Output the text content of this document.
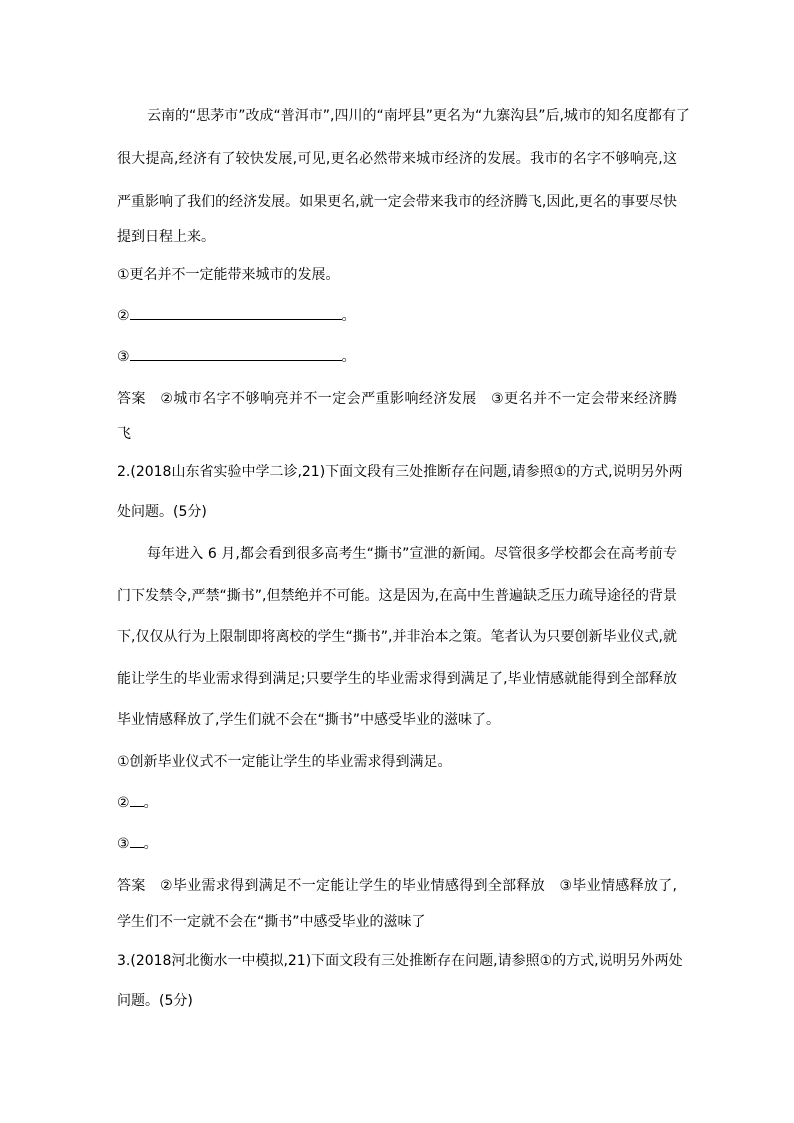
云南的“思茅市”改成“普洱市”,四川的“南坪县”更名为“九寨沟县”后,城市的知名度都有了
很大提高,经济有了较快发展,可见,更名必然带来城市经济的发展。我市的名字不够响亮,这
严重影响了我们的经济发展。如果更名,就一定会带来我市的经济腾飞,因此,更名的事要尽快
提到日程上来。
①更名并不一定能带来城市的发展。
②	。
③	。
答案 ②城市名字不够响亮并不一定会严重影响经济发展　③更名并不一定会带来经济腾
飞
2.(2018山东省实验中学二诊,21)下面文段有三处推断存在问题,请参照①的方式,说明另外两
处问题。(5分)
每年进入 6 月,都会看到很多高考生“撕书”宣泄的新闻。尽管很多学校都会在高考前专
门下发禁令,严禁“撕书”,但禁绝并不可能。这是因为,在高中生普遍缺乏压力疏导途径的背景
下,仅仅从行为上限制即将离校的学生“撕书”,并非治本之策。笔者认为只要创新毕业仪式,就
能让学生的毕业需求得到满足;只要学生的毕业需求得到满足了,毕业情感就能得到全部释放
毕业情感释放了,学生们就不会在“撕书”中感受毕业的滋味了。
①创新毕业仪式不一定能让学生的毕业需求得到满足。
② 。
③ 。
答案 ②毕业需求得到满足不一定能让学生的毕业情感得到全部释放　③毕业情感释放了,
学生们不一定就不会在“撕书”中感受毕业的滋味了
3.(2018河北衡水一中模拟,21)下面文段有三处推断存在问题,请参照①的方式,说明另外两处
问题。(5分)
